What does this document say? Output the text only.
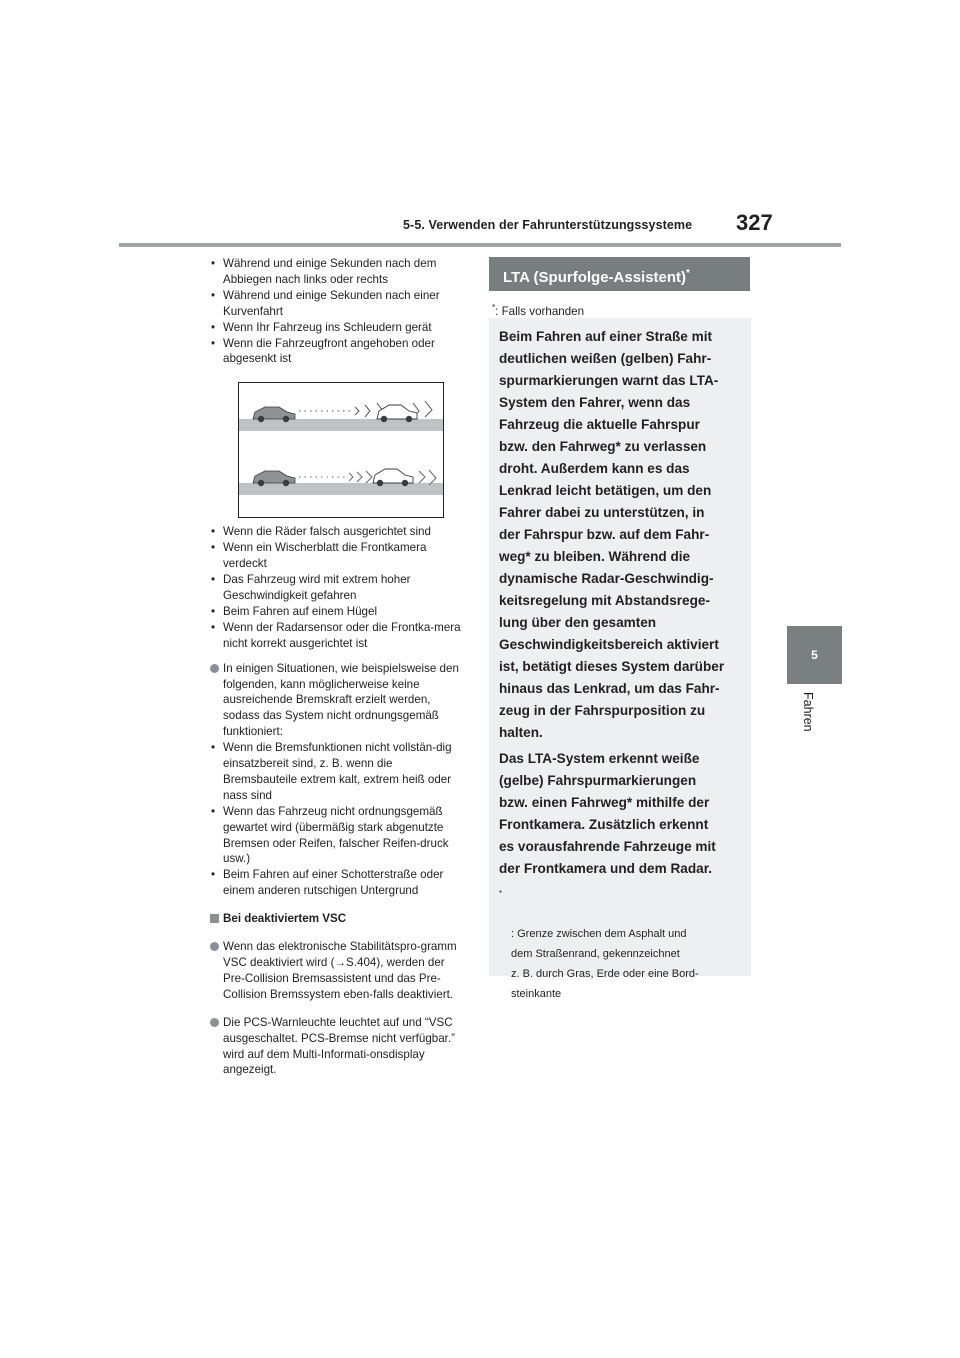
5-5. Verwenden der Fahrunterstützungssysteme 327
5
Fahren
• Während und einige Sekunden nach dem Abbiegen nach links oder rechts
• Während und einige Sekunden nach einer Kurvenfahrt
• Wenn Ihr Fahrzeug ins Schleudern gerät
• Wenn die Fahrzeugfront angehoben oder abgesenkt ist
• Wenn die Räder falsch ausgerichtet sind
• Wenn ein Wischerblatt die Frontkamera verdeckt
• Das Fahrzeug wird mit extrem hoher Geschwindigkeit gefahren
• Beim Fahren auf einem Hügel
• Wenn der Radarsensor oder die Frontka-mera nicht korrekt ausgerichtet ist
In einigen Situationen, wie beispielsweise den folgenden, kann möglicherweise keine ausreichende Bremskraft erzielt werden, sodass das System nicht ordnungsgemäß funktioniert:
• Wenn die Bremsfunktionen nicht vollstän-dig einsatzbereit sind, z. B. wenn die Bremsbauteile extrem kalt, extrem heiß oder nass sind
• Wenn das Fahrzeug nicht ordnungsgemäß gewartet wird (übermäßig stark abgenutzte Bremsen oder Reifen, falscher Reifen-druck usw.)
• Beim Fahren auf einer Schotterstraße oder einem anderen rutschigen Untergrund
Bei deaktiviertem VSC
Wenn das elektronische Stabilitätspro-gramm VSC deaktiviert wird (→S.404), werden der Pre-Collision Bremsassistent und das Pre-Collision Bremssystem eben-falls deaktiviert.
Die PCS-Warnleuchte leuchtet auf und “VSC ausgeschaltet. PCS-Bremse nicht verfügbar.” wird auf dem Multi-Informati-onsdisplay angezeigt.
LTA (Spurfolge-Assistent)*
*: Falls vorhanden

Beim Fahren auf einer Straße mit
deutlichen weißen (gelben) Fahr-
spurmarkierungen warnt das LTA-
System den Fahrer, wenn das
Fahrzeug die aktuelle Fahrspur
bzw. den Fahrweg* zu verlassen
droht. Außerdem kann es das
Lenkrad leicht betätigen, um den
Fahrer dabei zu unterstützen, in
der Fahrspur bzw. auf dem Fahr-
weg* zu bleiben. Während die
dynamische Radar-Geschwindig-
keitsregelung mit Abstandsrege-
lung über den gesamten
Geschwindigkeitsbereich aktiviert
ist, betätigt dieses System darüber
hinaus das Lenkrad, um das Fahr-
zeug in der Fahrspurposition zu
halten.

Das LTA-System erkennt weiße
(gelbe) Fahrspurmarkierungen
bzw. einen Fahrweg* mithilfe der
Frontkamera. Zusätzlich erkennt
es vorausfahrende Fahrzeuge mit
der Frontkamera und dem Radar.

*

: Grenze zwischen dem Asphalt und
dem Straßenrand, gekennzeichnet
z. B. durch Gras, Erde oder eine Bord-
steinkante
